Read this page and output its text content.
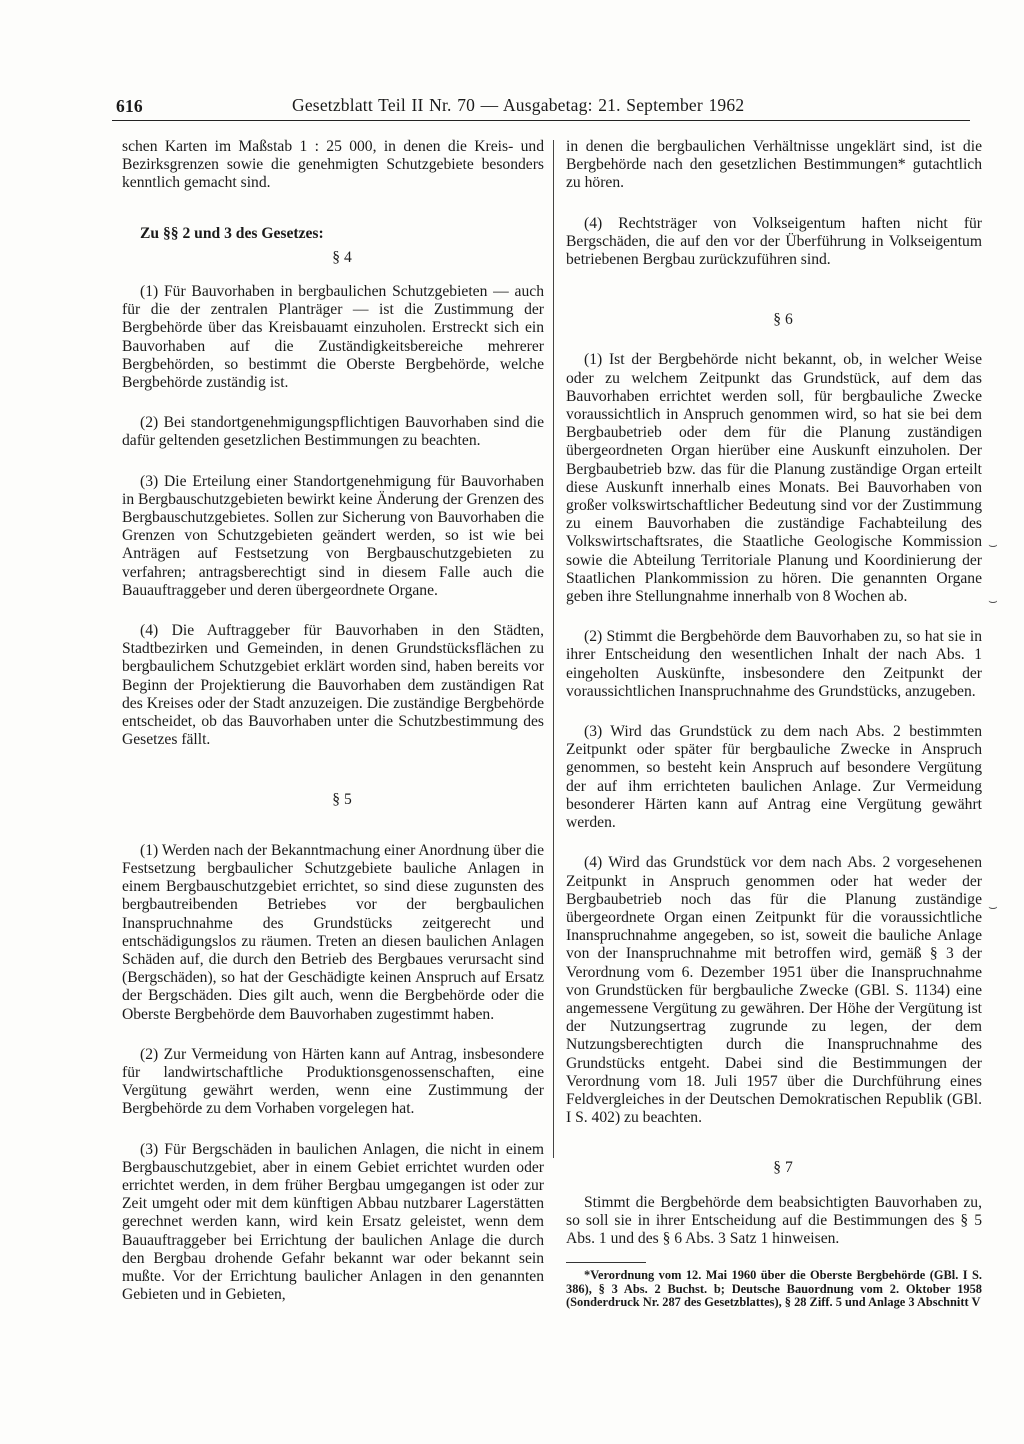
616	Gesetzblatt Teil II Nr. 70 — Ausgabetag: 21. September 1962

schen Karten im Maßstab 1 : 25 000, in denen die Kreis- und Bezirksgrenzen sowie die genehmigten Schutzgebiete besonders kenntlich gemacht sind.

Zu §§ 2 und 3 des Gesetzes:

§ 4

(1) Für Bauvorhaben in bergbaulichen Schutzgebieten — auch für die der zentralen Planträger — ist die Zustimmung der Bergbehörde über das Kreisbauamt einzuholen. Erstreckt sich ein Bauvorhaben auf die Zuständigkeitsbereiche mehrerer Bergbehörden, so bestimmt die Oberste Bergbehörde, welche Bergbehörde zuständig ist.

(2) Bei standortgenehmigungspflichtigen Bauvorhaben sind die dafür geltenden gesetzlichen Bestimmungen zu beachten.

(3) Die Erteilung einer Standortgenehmigung für Bauvorhaben in Bergbauschutzgebieten bewirkt keine Änderung der Grenzen des Bergbauschutzgebietes. Sollen zur Sicherung von Bauvorhaben die Grenzen von Schutzgebieten geändert werden, so ist wie bei Anträgen auf Festsetzung von Bergbauschutzgebieten zu verfahren; antragsberechtigt sind in diesem Falle auch die Bauauftraggeber und deren übergeordnete Organe.

(4) Die Auftraggeber für Bauvorhaben in den Städten, Stadtbezirken und Gemeinden, in denen Grundstücksflächen zu bergbaulichem Schutzgebiet erklärt worden sind, haben bereits vor Beginn der Projektierung die Bauvorhaben dem zuständigen Rat des Kreises oder der Stadt anzuzeigen. Die zuständige Bergbehörde entscheidet, ob das Bauvorhaben unter die Schutzbestimmung des Gesetzes fällt.

§ 5

(1) Werden nach der Bekanntmachung einer Anordnung über die Festsetzung bergbaulicher Schutzgebiete bauliche Anlagen in einem Bergbauschutzgebiet errichtet, so sind diese zugunsten des bergbautreibenden Betriebes vor der bergbaulichen Inanspruchnahme des Grundstücks zeitgerecht und entschädigungslos zu räumen. Treten an diesen baulichen Anlagen Schäden auf, die durch den Betrieb des Bergbaues verursacht sind (Bergschäden), so hat der Geschädigte keinen Anspruch auf Ersatz der Bergschäden. Dies gilt auch, wenn die Bergbehörde oder die Oberste Bergbehörde dem Bauvorhaben zugestimmt haben.

(2) Zur Vermeidung von Härten kann auf Antrag, insbesondere für landwirtschaftliche Produktionsgenossenschaften, eine Vergütung gewährt werden, wenn eine Zustimmung der Bergbehörde zu dem Vorhaben vorgelegen hat.

(3) Für Bergschäden in baulichen Anlagen, die nicht in einem Bergbauschutzgebiet, aber in einem Gebiet errichtet wurden oder errichtet werden, in dem früher Bergbau umgegangen ist oder zur Zeit umgeht oder mit dem künftigen Abbau nutzbarer Lagerstätten gerechnet werden kann, wird kein Ersatz geleistet, wenn dem Bauauftraggeber bei Errichtung der baulichen Anlage die durch den Bergbau drohende Gefahr bekannt war oder bekannt sein mußte. Vor der Errichtung baulicher Anlagen in den genannten Gebieten und in Gebieten,

in denen die bergbaulichen Verhältnisse ungeklärt sind, ist die Bergbehörde nach den gesetzlichen Bestimmungen* gutachtlich zu hören.

(4) Rechtsträger von Volkseigentum haften nicht für Bergschäden, die auf den vor der Überführung in Volkseigentum betriebenen Bergbau zurückzuführen sind.

§ 6

(1) Ist der Bergbehörde nicht bekannt, ob, in welcher Weise oder zu welchem Zeitpunkt das Grundstück, auf dem das Bauvorhaben errichtet werden soll, für bergbauliche Zwecke voraussichtlich in Anspruch genommen wird, so hat sie bei dem Bergbaubetrieb oder dem für die Planung zuständigen übergeordneten Organ hierüber eine Auskunft einzuholen. Der Bergbaubetrieb bzw. das für die Planung zuständige Organ erteilt diese Auskunft innerhalb eines Monats. Bei Bauvorhaben von großer volkswirtschaftlicher Bedeutung sind vor der Zustimmung zu einem Bauvorhaben die zuständige Fachabteilung des Volkswirtschaftsrates, die Staatliche Geologische Kommission sowie die Abteilung Territoriale Planung und Koordinierung der Staatlichen Plankommission zu hören. Die genannten Organe geben ihre Stellungnahme innerhalb von 8 Wochen ab.

(2) Stimmt die Bergbehörde dem Bauvorhaben zu, so hat sie in ihrer Entscheidung den wesentlichen Inhalt der nach Abs. 1 eingeholten Auskünfte, insbesondere den Zeitpunkt der voraussichtlichen Inanspruchnahme des Grundstücks, anzugeben.

(3) Wird das Grundstück zu dem nach Abs. 2 bestimmten Zeitpunkt oder später für bergbauliche Zwecke in Anspruch genommen, so besteht kein Anspruch auf besondere Vergütung der auf ihm errichteten baulichen Anlage. Zur Vermeidung besonderer Härten kann auf Antrag eine Vergütung gewährt werden.

(4) Wird das Grundstück vor dem nach Abs. 2 vorgesehenen Zeitpunkt in Anspruch genommen oder hat weder der Bergbaubetrieb noch das für die Planung zuständige übergeordnete Organ einen Zeitpunkt für die voraussichtliche Inanspruchnahme angegeben, so ist, soweit die bauliche Anlage von der Inanspruchnahme mit betroffen wird, gemäß § 3 der Verordnung vom 6. Dezember 1951 über die Inanspruchnahme von Grundstücken für bergbauliche Zwecke (GBl. S. 1134) eine angemessene Vergütung zu gewähren. Der Höhe der Vergütung ist der Nutzungsertrag zugrunde zu legen, der dem Nutzungsberechtigten durch die Inanspruchnahme des Grundstücks entgeht. Dabei sind die Bestimmungen der Verordnung vom 18. Juli 1957 über die Durchführung eines Feldvergleiches in der Deutschen Demokratischen Republik (GBl. I S. 402) zu beachten.

§ 7

Stimmt die Bergbehörde dem beabsichtigten Bauvorhaben zu, so soll sie in ihrer Entscheidung auf die Bestimmungen des § 5 Abs. 1 und des § 6 Abs. 3 Satz 1 hinweisen.

*Verordnung vom 12. Mai 1960 über die Oberste Bergbehörde (GBl. I S. 386), § 3 Abs. 2 Buchst. b; Deutsche Bauordnung vom 2. Oktober 1958 (Sonderdruck Nr. 287 des Gesetzblattes), § 28 Ziff. 5 und Anlage 3 Abschnitt V

⌣
⌣
⌣
